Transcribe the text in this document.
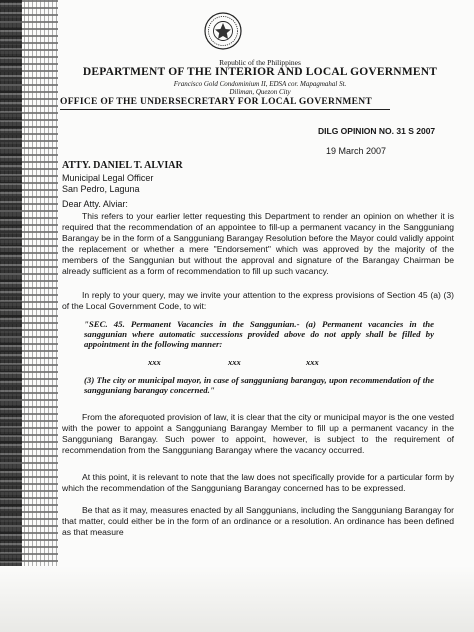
Republic of the Philippines
DEPARTMENT OF THE INTERIOR AND LOCAL GOVERNMENT
Francisco Gold Condominium II, EDSA cor. Mapagmahal St.
Diliman, Quezon City
OFFICE OF THE UNDERSECRETARY FOR LOCAL GOVERNMENT
DILG OPINION NO. 31 S 2007
19 March 2007
ATTY. DANIEL T. ALVIAR
Municipal Legal Officer
San Pedro, Laguna
Dear Atty. Alviar:
This refers to your earlier letter requesting this Department to render an opinion on whether it is required that the recommendation of an appointee to fill-up a permanent vacancy in the Sangguniang Barangay be in the form of a Sangguniang Barangay Resolution before the Mayor could validly appoint the replacement or whether a mere "Endorsement" which was approved by the majority of the members of the Sanggunian but without the approval and signature of the Barangay Chairman be already sufficient as a form of recommendation to fill up such vacancy.
In reply to your query, may we invite your attention to the express provisions of Section 45 (a) (3) of the Local Government Code, to wit:
"SEC. 45. Permanent Vacancies in the Sanggunian.- (a) Permanent vacancies in the sanggunian where automatic successions provided above do not apply shall be filled by appointment in the following manner:
xxx	xxx	xxx
(3) The city or municipal mayor, in case of sangguniang barangay, upon recommendation of the sangguniang barangay concerned."
From the aforequoted provision of law, it is clear that the city or municipal mayor is the one vested with the power to appoint a Sangguniang Barangay Member to fill up a permanent vacancy in the Sangguniang Barangay. Such power to appoint, however, is subject to the requirement of recommendation from the Sangguniang Barangay where the vacancy occurred.
At this point, it is relevant to note that the law does not specifically provide for a particular form by which the recommendation of the Sangguniang Barangay concerned has to be expressed.
Be that as it may, measures enacted by all Sanggunians, including the Sangguniang Barangay for that matter, could either be in the form of an ordinance or a resolution. An ordinance has been defined as that measure
